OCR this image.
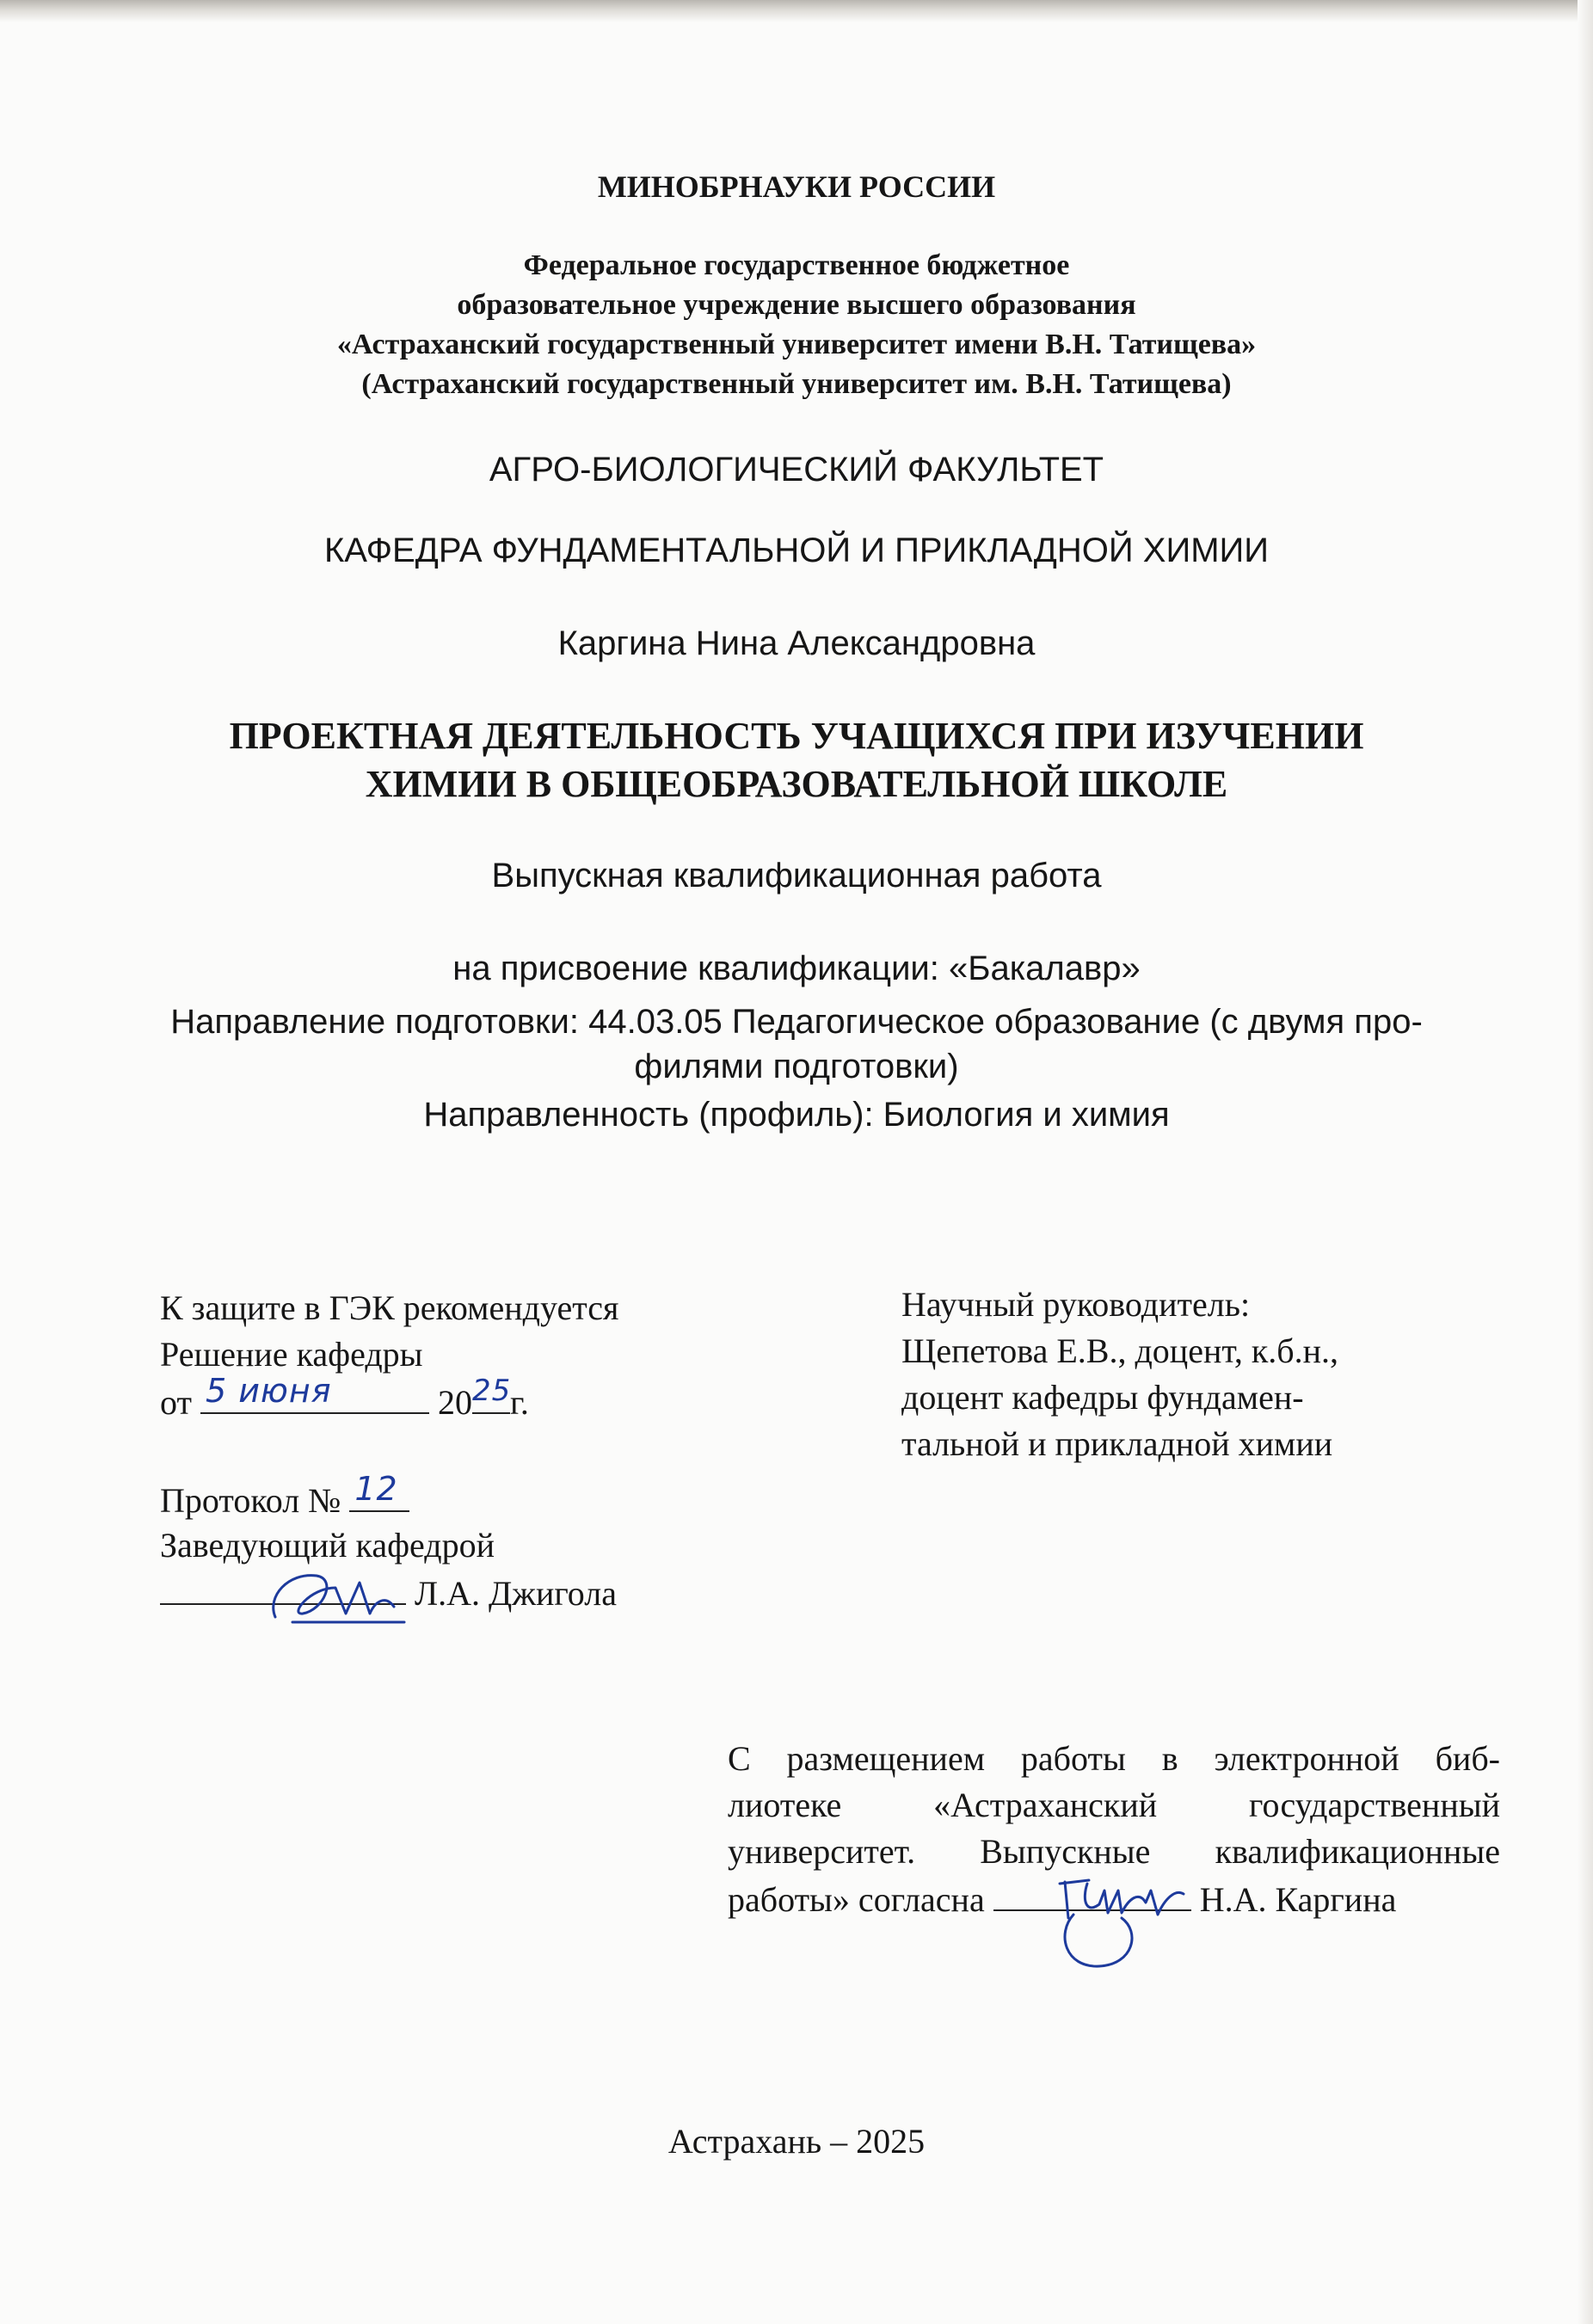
МИНОБРНАУКИ РОССИИ
Федеральное государственное бюджетное
образовательное учреждение высшего образования
«Астраханский государственный университет имени В.Н. Татищева»
(Астраханский государственный университет им. В.Н. Татищева)
АГРО-БИОЛОГИЧЕСКИЙ ФАКУЛЬТЕТ
КАФЕДРА ФУНДАМЕНТАЛЬНОЙ И ПРИКЛАДНОЙ ХИМИИ
Каргина Нина Александровна
ПРОЕКТНАЯ ДЕЯТЕЛЬНОСТЬ УЧАЩИХСЯ ПРИ ИЗУЧЕНИИ
ХИМИИ В ОБЩЕОБРАЗОВАТЕЛЬНОЙ ШКОЛЕ
Выпускная квалификационная работа
на присвоение квалификации: «Бакалавр»
Направление подготовки: 44.03.05 Педагогическое образование (с двумя про-
филями подготовки)
Направленность (профиль): Биология и химия
К защите в ГЭК рекомендуется
Решение кафедры
от 5 июня	20 25
г.
Протокол № 12
Заведующий кафедрой
Л.А. Джигола
Научный руководитель:
Щепетова Е.В., доцент, к.б.н.,
доцент кафедры фундамен-
тальной и прикладной химии
С размещением работы в электронной биб-
лиотеке «Астраханский государственный
университет. Выпускные квалификационные
работы» согласна	Н.А. Каргина
Астрахань – 2025
